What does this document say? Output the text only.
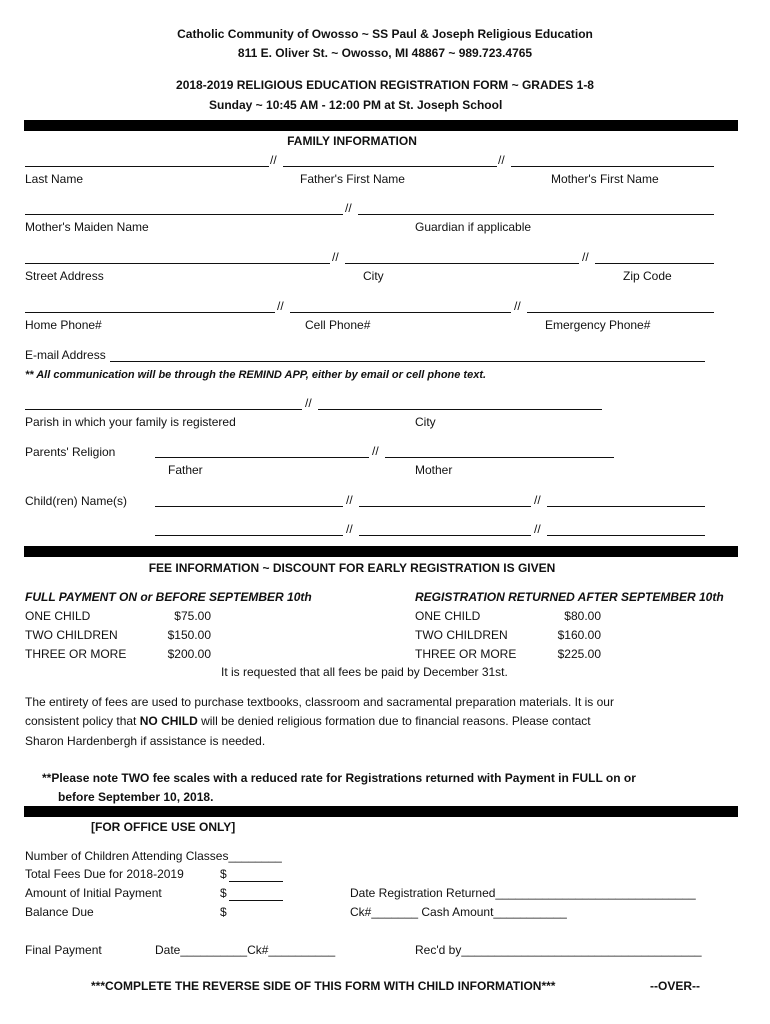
Catholic Community of Owosso ~ SS Paul & Joseph Religious Education
811 E. Oliver St. ~ Owosso, MI 48867 ~ 989.723.4765
2018-2019 RELIGIOUS EDUCATION REGISTRATION FORM ~ GRADES 1-8
Sunday ~ 10:45 AM - 12:00 PM at St. Joseph School
FAMILY INFORMATION
//	//
Last Name	Father's First Name	Mother's First Name
//
Mother's Maiden Name	Guardian if applicable
//	//
Street Address	City	Zip Code
//	//
Home Phone#	Cell Phone#	Emergency Phone#
E-mail Address
** All communication will be through the REMIND APP, either by email or cell phone text.
//
Parish in which your family is registered	City
Parents' Religion	//
Father	Mother
Child(ren) Name(s)	//	//
//	//
FEE INFORMATION ~ DISCOUNT FOR EARLY REGISTRATION IS GIVEN
FULL PAYMENT ON or BEFORE SEPTEMBER 10th
ONE CHILD	$75.00
TWO CHILDREN	$150.00
THREE OR MORE	$200.00
REGISTRATION RETURNED AFTER SEPTEMBER 10th
ONE CHILD	$80.00
TWO CHILDREN	$160.00
THREE OR MORE	$225.00
It is requested that all fees be paid by December 31st.
The entirety of fees are used to purchase textbooks, classroom and sacramental preparation materials. It is our
consistent policy that NO CHILD will be denied religious formation due to financial reasons. Please contact
Sharon Hardenbergh if assistance is needed.
**Please note TWO fee scales with a reduced rate for Registrations returned with Payment in FULL on or
before September 10, 2018.
[FOR OFFICE USE ONLY]
Number of Children Attending Classes________
Total Fees Due for 2018-2019	$
Amount of Initial Payment	$
Balance Due	$
Date Registration Returned______________________________
Ck#_______ Cash Amount___________
Final Payment	Date__________Ck#__________	Rec'd by____________________________________
***COMPLETE THE REVERSE SIDE OF THIS FORM WITH CHILD INFORMATION***	--OVER--
